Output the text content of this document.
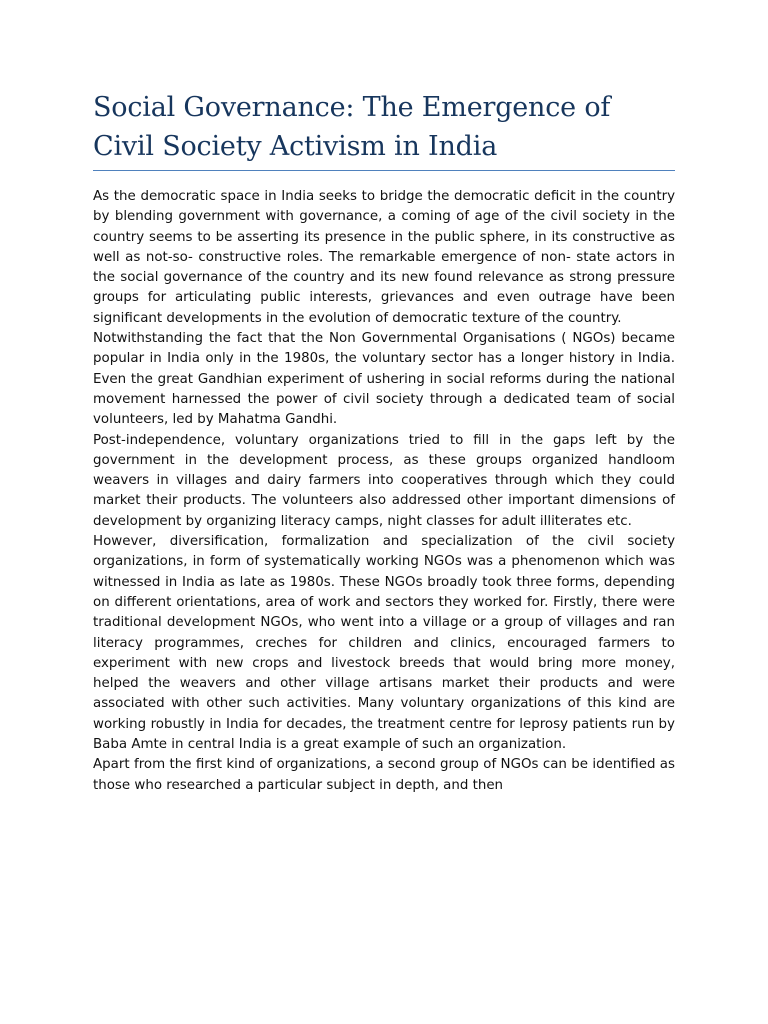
Social Governance: The Emergence of
Civil Society Activism in India

As the democratic space in India seeks to bridge the democratic deficit in the country by blending government with governance, a coming of age of the civil society in the country seems to be asserting its presence in the public sphere, in its constructive as well as not-so- constructive roles. The remarkable emergence of non- state actors in the social governance of the country and its new found relevance as strong pressure groups for articulating public interests, grievances and even outrage have been significant developments in the evolution of democratic texture of the country.

Notwithstanding the fact that the Non Governmental Organisations ( NGOs) became popular in India only in the 1980s, the voluntary sector has a longer history in India. Even the great Gandhian experiment of ushering in social reforms during the national movement harnessed the power of civil society through a dedicated team of social volunteers, led by Mahatma Gandhi.

Post-independence, voluntary organizations tried to fill in the gaps left by the government in the development process, as these groups organized handloom weavers in villages and dairy farmers into cooperatives through which they could market their products. The volunteers also addressed other important dimensions of development by organizing literacy camps, night classes for adult illiterates etc.

However, diversification, formalization and specialization of the civil society organizations, in form of systematically working NGOs was a phenomenon which was witnessed in India as late as 1980s. These NGOs broadly took three forms, depending on different orientations, area of work and sectors they worked for. Firstly, there were traditional development NGOs, who went into a village or a group of villages and ran literacy programmes, creches for children and clinics, encouraged farmers to experiment with new crops and livestock breeds that would bring more money, helped the weavers and other village artisans market their products and were associated with other such activities. Many voluntary organizations of this kind are working robustly in India for decades, the treatment centre for leprosy patients run by Baba Amte in central India is a great example of such an organization.

Apart from the first kind of organizations, a second group of NGOs can be identified as those who researched a particular subject in depth, and then
